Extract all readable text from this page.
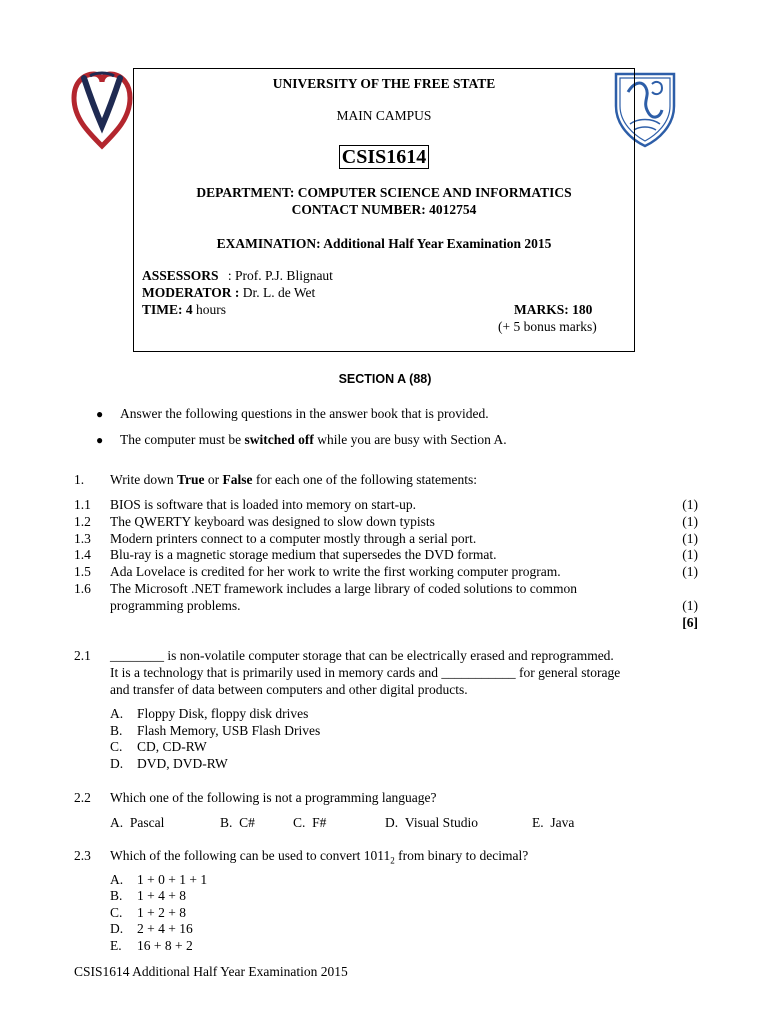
UNIVERSITY OF THE FREE STATE
MAIN CAMPUS
CSIS1614
DEPARTMENT: COMPUTER SCIENCE AND INFORMATICS
CONTACT NUMBER: 4012754
EXAMINATION: Additional Half Year Examination 2015
ASSESSORS : Prof. P.J. Blignaut
MODERATOR : Dr. L. de Wet
TIME: 4 hours	MARKS: 180
(+ 5 bonus marks)
SECTION A (88)
● Answer the following questions in the answer book that is provided.
● The computer must be switched off while you are busy with Section A.
1. Write down True or False for each one of the following statements:
1.1 BIOS is software that is loaded into memory on start-up.	(1)
1.2 The QWERTY keyboard was designed to slow down typists	(1)
1.3 Modern printers connect to a computer mostly through a serial port.	(1)
1.4 Blu-ray is a magnetic storage medium that supersedes the DVD format.	(1)
1.5 Ada Lovelace is credited for her work to write the first working computer program.	(1)
1.6 The Microsoft .NET framework includes a large library of coded solutions to common
programming problems.	(1)
[6]
2.1 ________ is non-volatile computer storage that can be electrically erased and reprogrammed.
It is a technology that is primarily used in memory cards and ___________ for general storage
and transfer of data between computers and other digital products.
A. Floppy Disk, floppy disk drives
B. Flash Memory, USB Flash Drives
C. CD, CD-RW
D. DVD, DVD-RW
2.2 Which one of the following is not a programming language?
A. Pascal	B. C#	C. F#	D. Visual Studio	E. Java
2.3 Which of the following can be used to convert $1011_2$ from binary to decimal?
A. 1 + 0 + 1 + 1
B. 1 + 4 + 8
C. 1 + 2 + 8
D. 2 + 4 + 16
E. 16 + 8 + 2
CSIS1614 Additional Half Year Examination 2015
